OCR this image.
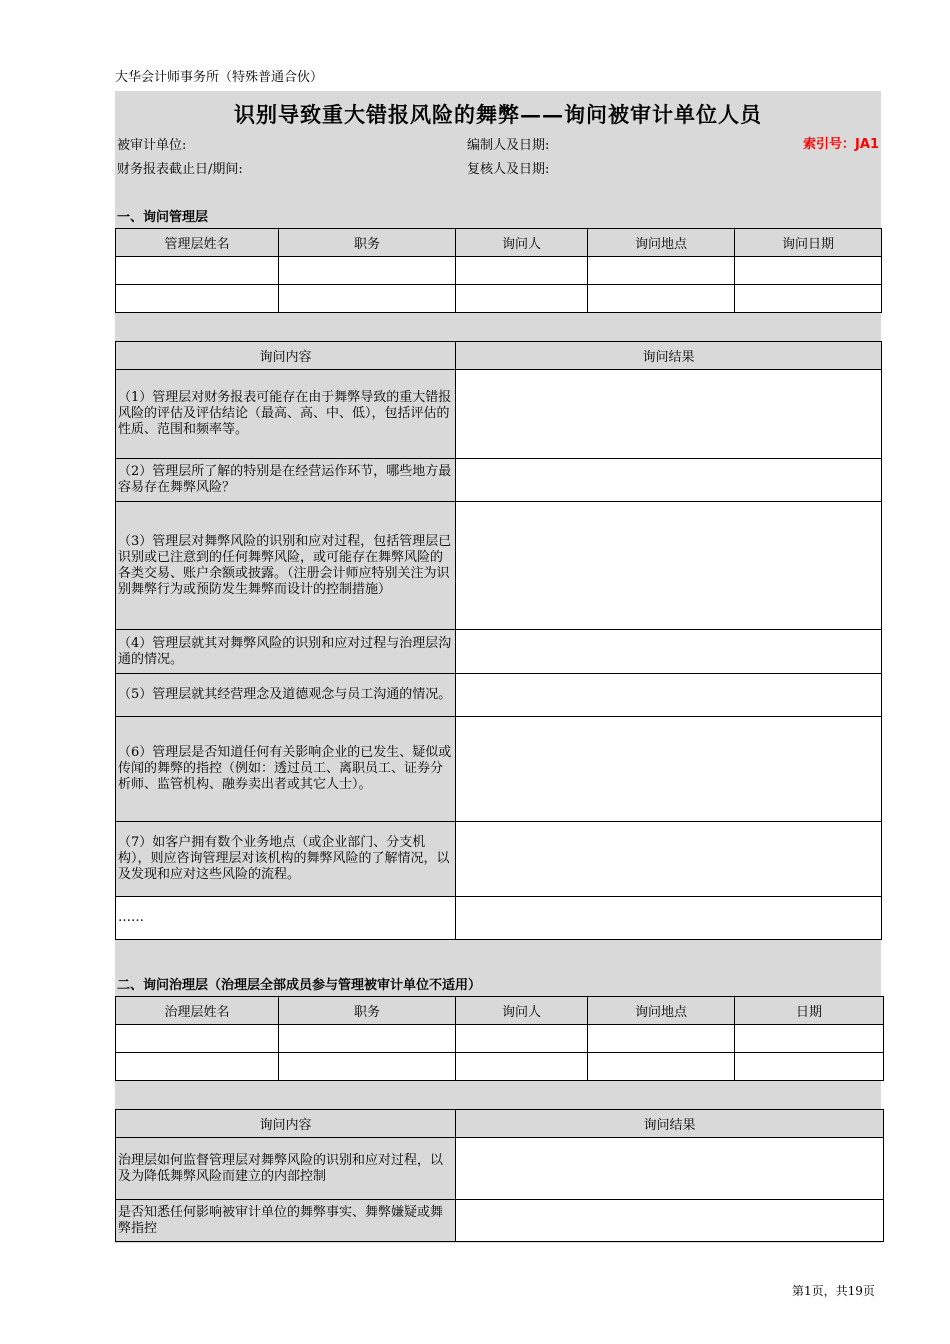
大华会计师事务所（特殊普通合伙）
识别导致重大错报风险的舞弊——询问被审计单位人员
被审计单位:	编制人及日期:	索引号：JA1
财务报表截止日/期间:	复核人及日期:
一、询问管理层
管理层姓名	职务	询问人	询问地点	询问日期

询问内容	询问结果
（1）管理层对财务报表可能存在由于舞弊导致的重大错报风险的评估及评估结论（最高、高、中、低），包括评估的性质、范围和频率等。	
（2）管理层所了解的特别是在经营运作环节，哪些地方最容易存在舞弊风险？	
（3）管理层对舞弊风险的识别和应对过程，包括管理层已识别或已注意到的任何舞弊风险，或可能存在舞弊风险的各类交易、账户余额或披露。（注册会计师应特别关注为识别舞弊行为或预防发生舞弊而设计的控制措施）	
（4）管理层就其对舞弊风险的识别和应对过程与治理层沟通的情况。	
（5）管理层就其经营理念及道德观念与员工沟通的情况。	
（6）管理层是否知道任何有关影响企业的已发生、疑似或传闻的舞弊的指控（例如：透过员工、离职员工、证券分析师、监管机构、融券卖出者或其它人士）。	
（7）如客户拥有数个业务地点（或企业部门、分支机构），则应咨询管理层对该机构的舞弊风险的了解情况，以及发现和应对这些风险的流程。	
……	
二、询问治理层（治理层全部成员参与管理被审计单位不适用）
治理层姓名	职务	询问人	询问地点	日期

询问内容	询问结果
治理层如何监督管理层对舞弊风险的识别和应对过程，以及为降低舞弊风险而建立的内部控制	
是否知悉任何影响被审计单位的舞弊事实、舞弊嫌疑或舞弊指控	
第1页，共19页
